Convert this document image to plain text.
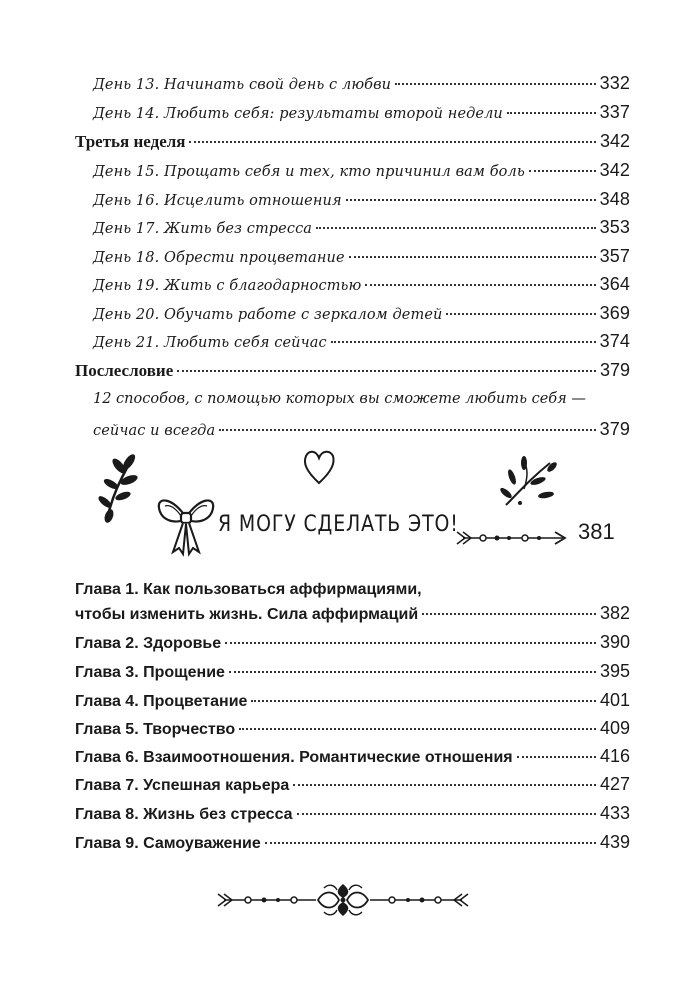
День 13. Начинать свой день с любви	332
День 14. Любить себя: результаты второй недели	337
Третья неделя	342
День 15. Прощать себя и тех, кто причинил вам боль	342
День 16. Исцелить отношения	348
День 17. Жить без стресса	353
День 18. Обрести процветание	357
День 19. Жить с благодарностью	364
День 20. Обучать работе с зеркалом детей	369
День 21. Любить себя сейчас	374
Послесловие	379
12 способов, с помощью которых вы сможете любить себя —
сейчас и всегда	379
Я МОГУ СДЕЛАТЬ ЭТО!	381
Глава 1. Как пользоваться аффирмациями,
чтобы изменить жизнь. Сила аффирмаций	382
Глава 2. Здоровье	390
Глава 3. Прощение	395
Глава 4. Процветание	401
Глава 5. Творчество	409
Глава 6. Взаимоотношения. Романтические отношения	416
Глава 7. Успешная карьера	427
Глава 8. Жизнь без стресса	433
Глава 9. Самоуважение	439
